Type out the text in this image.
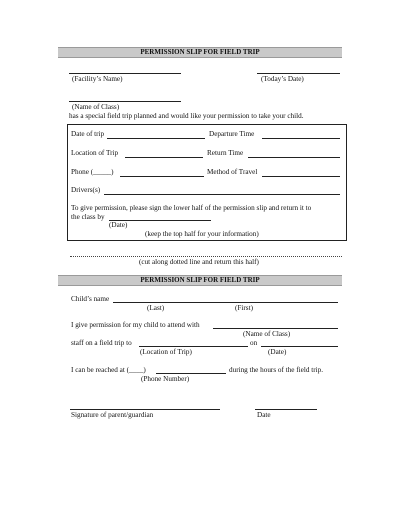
PERMISSION SLIP FOR FIELD TRIP
(Facility’s Name)	(Today’s Date)
(Name of Class)
has a special field trip planned and would like your permission to take your child.
Date of trip	Departure Time
Location of Trip	Return Time
Phone (_____)	Method of Travel
Drivers(s)
To give permission, please sign the lower half of the permission slip and return it to
the class by
(Date)
(keep the top half for your information)
(cut along dotted line and return this half)
PERMISSION SLIP FOR FIELD TRIP
Child’s name
(Last)	(First)
I give permission for my child to attend with
(Name of Class)
staff on a field trip to	on
(Location of Trip)	(Date)
I can be reached at (____)	during the hours of the field trip.
(Phone Number)
Signature of parent/guardian	Date
